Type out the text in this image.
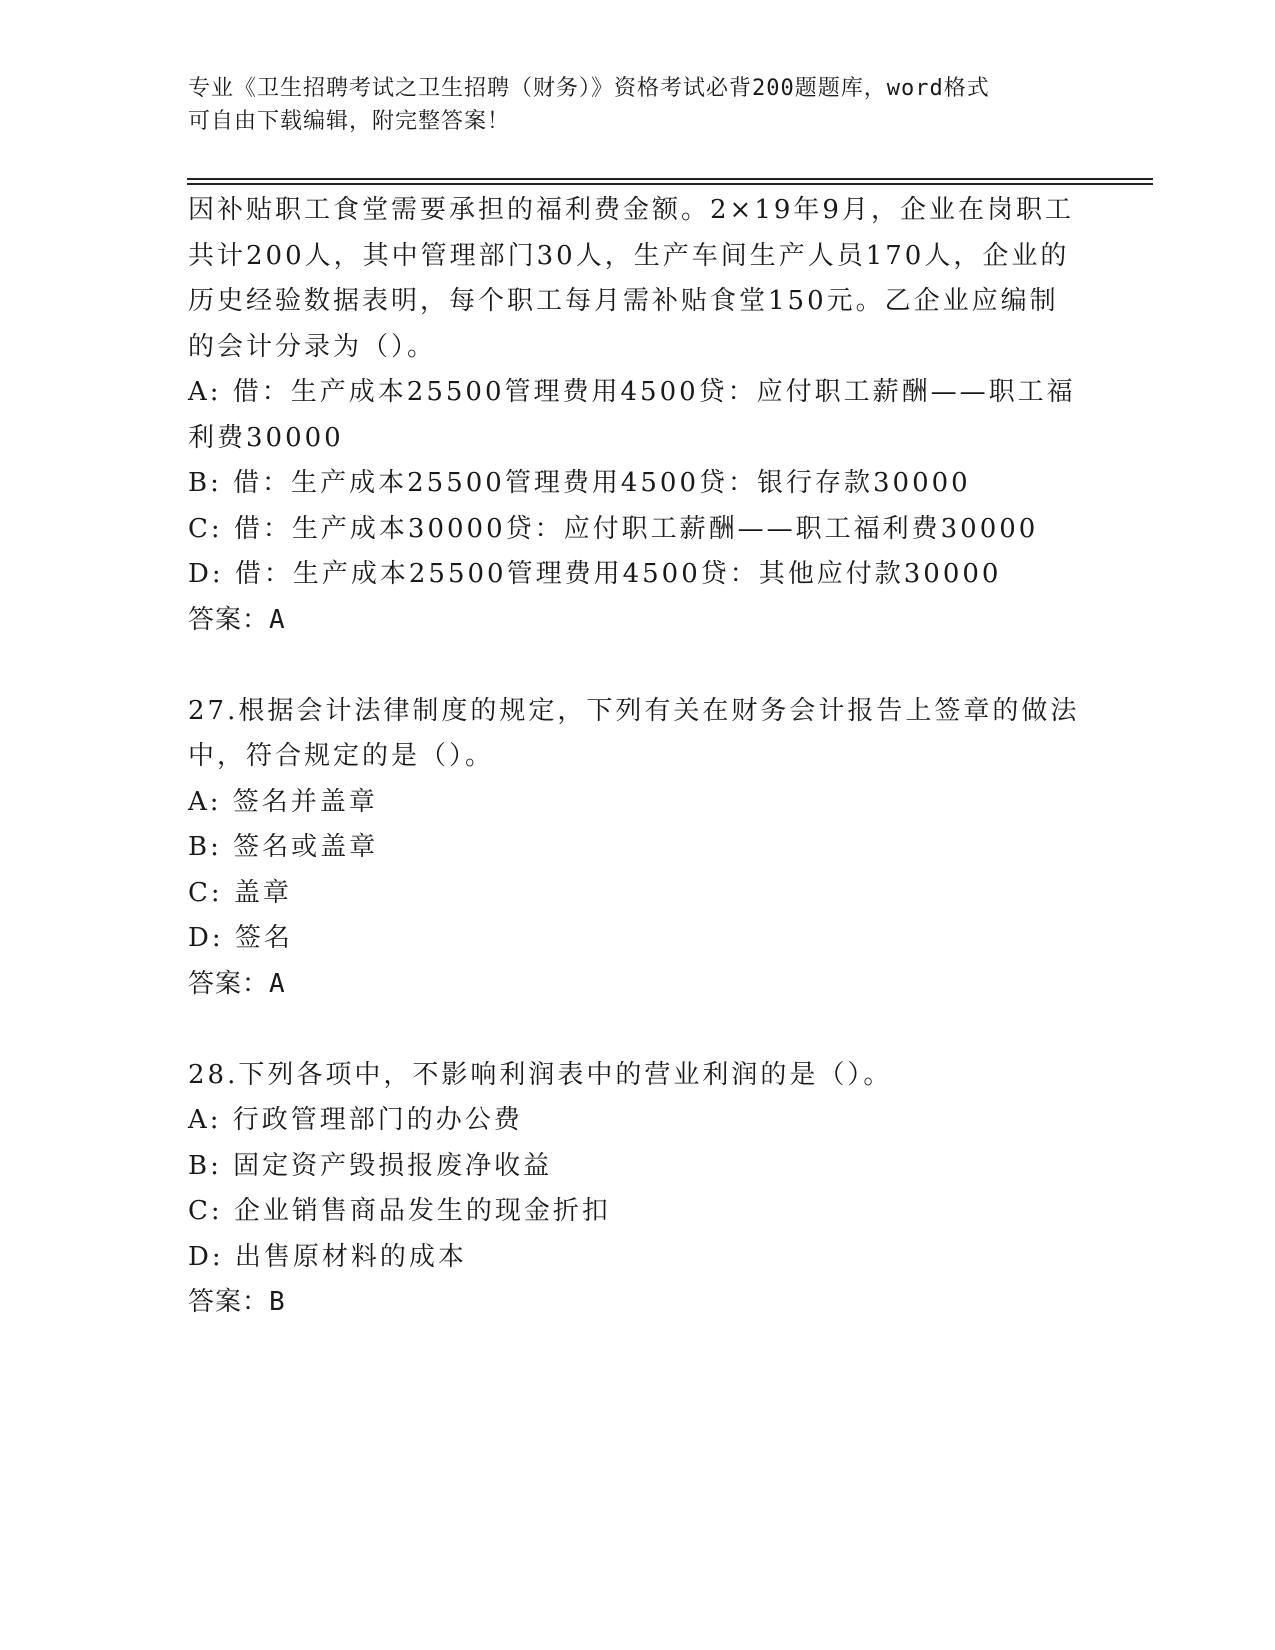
专业《卫生招聘考试之卫生招聘（财务）》资格考试必背200题题库，word格式
可自由下载编辑，附完整答案！
因补贴职工食堂需要承担的福利费金额。2×19年9月，企业在岗职工
共计200人，其中管理部门30人，生产车间生产人员170人，企业的
历史经验数据表明，每个职工每月需补贴食堂150元。乙企业应编制
的会计分录为（）。
A: 借：生产成本25500管理费用4500贷：应付职工薪酬——职工福
利费30000
B: 借：生产成本25500管理费用4500贷：银行存款30000
C: 借：生产成本30000贷：应付职工薪酬——职工福利费30000
D: 借：生产成本25500管理费用4500贷：其他应付款30000
答案：A
27.根据会计法律制度的规定，下列有关在财务会计报告上签章的做法
中，符合规定的是（）。
A: 签名并盖章
B: 签名或盖章
C: 盖章
D: 签名
答案：A
28.下列各项中，不影响利润表中的营业利润的是（）。
A: 行政管理部门的办公费
B: 固定资产毁损报废净收益
C: 企业销售商品发生的现金折扣
D: 出售原材料的成本
答案：B
